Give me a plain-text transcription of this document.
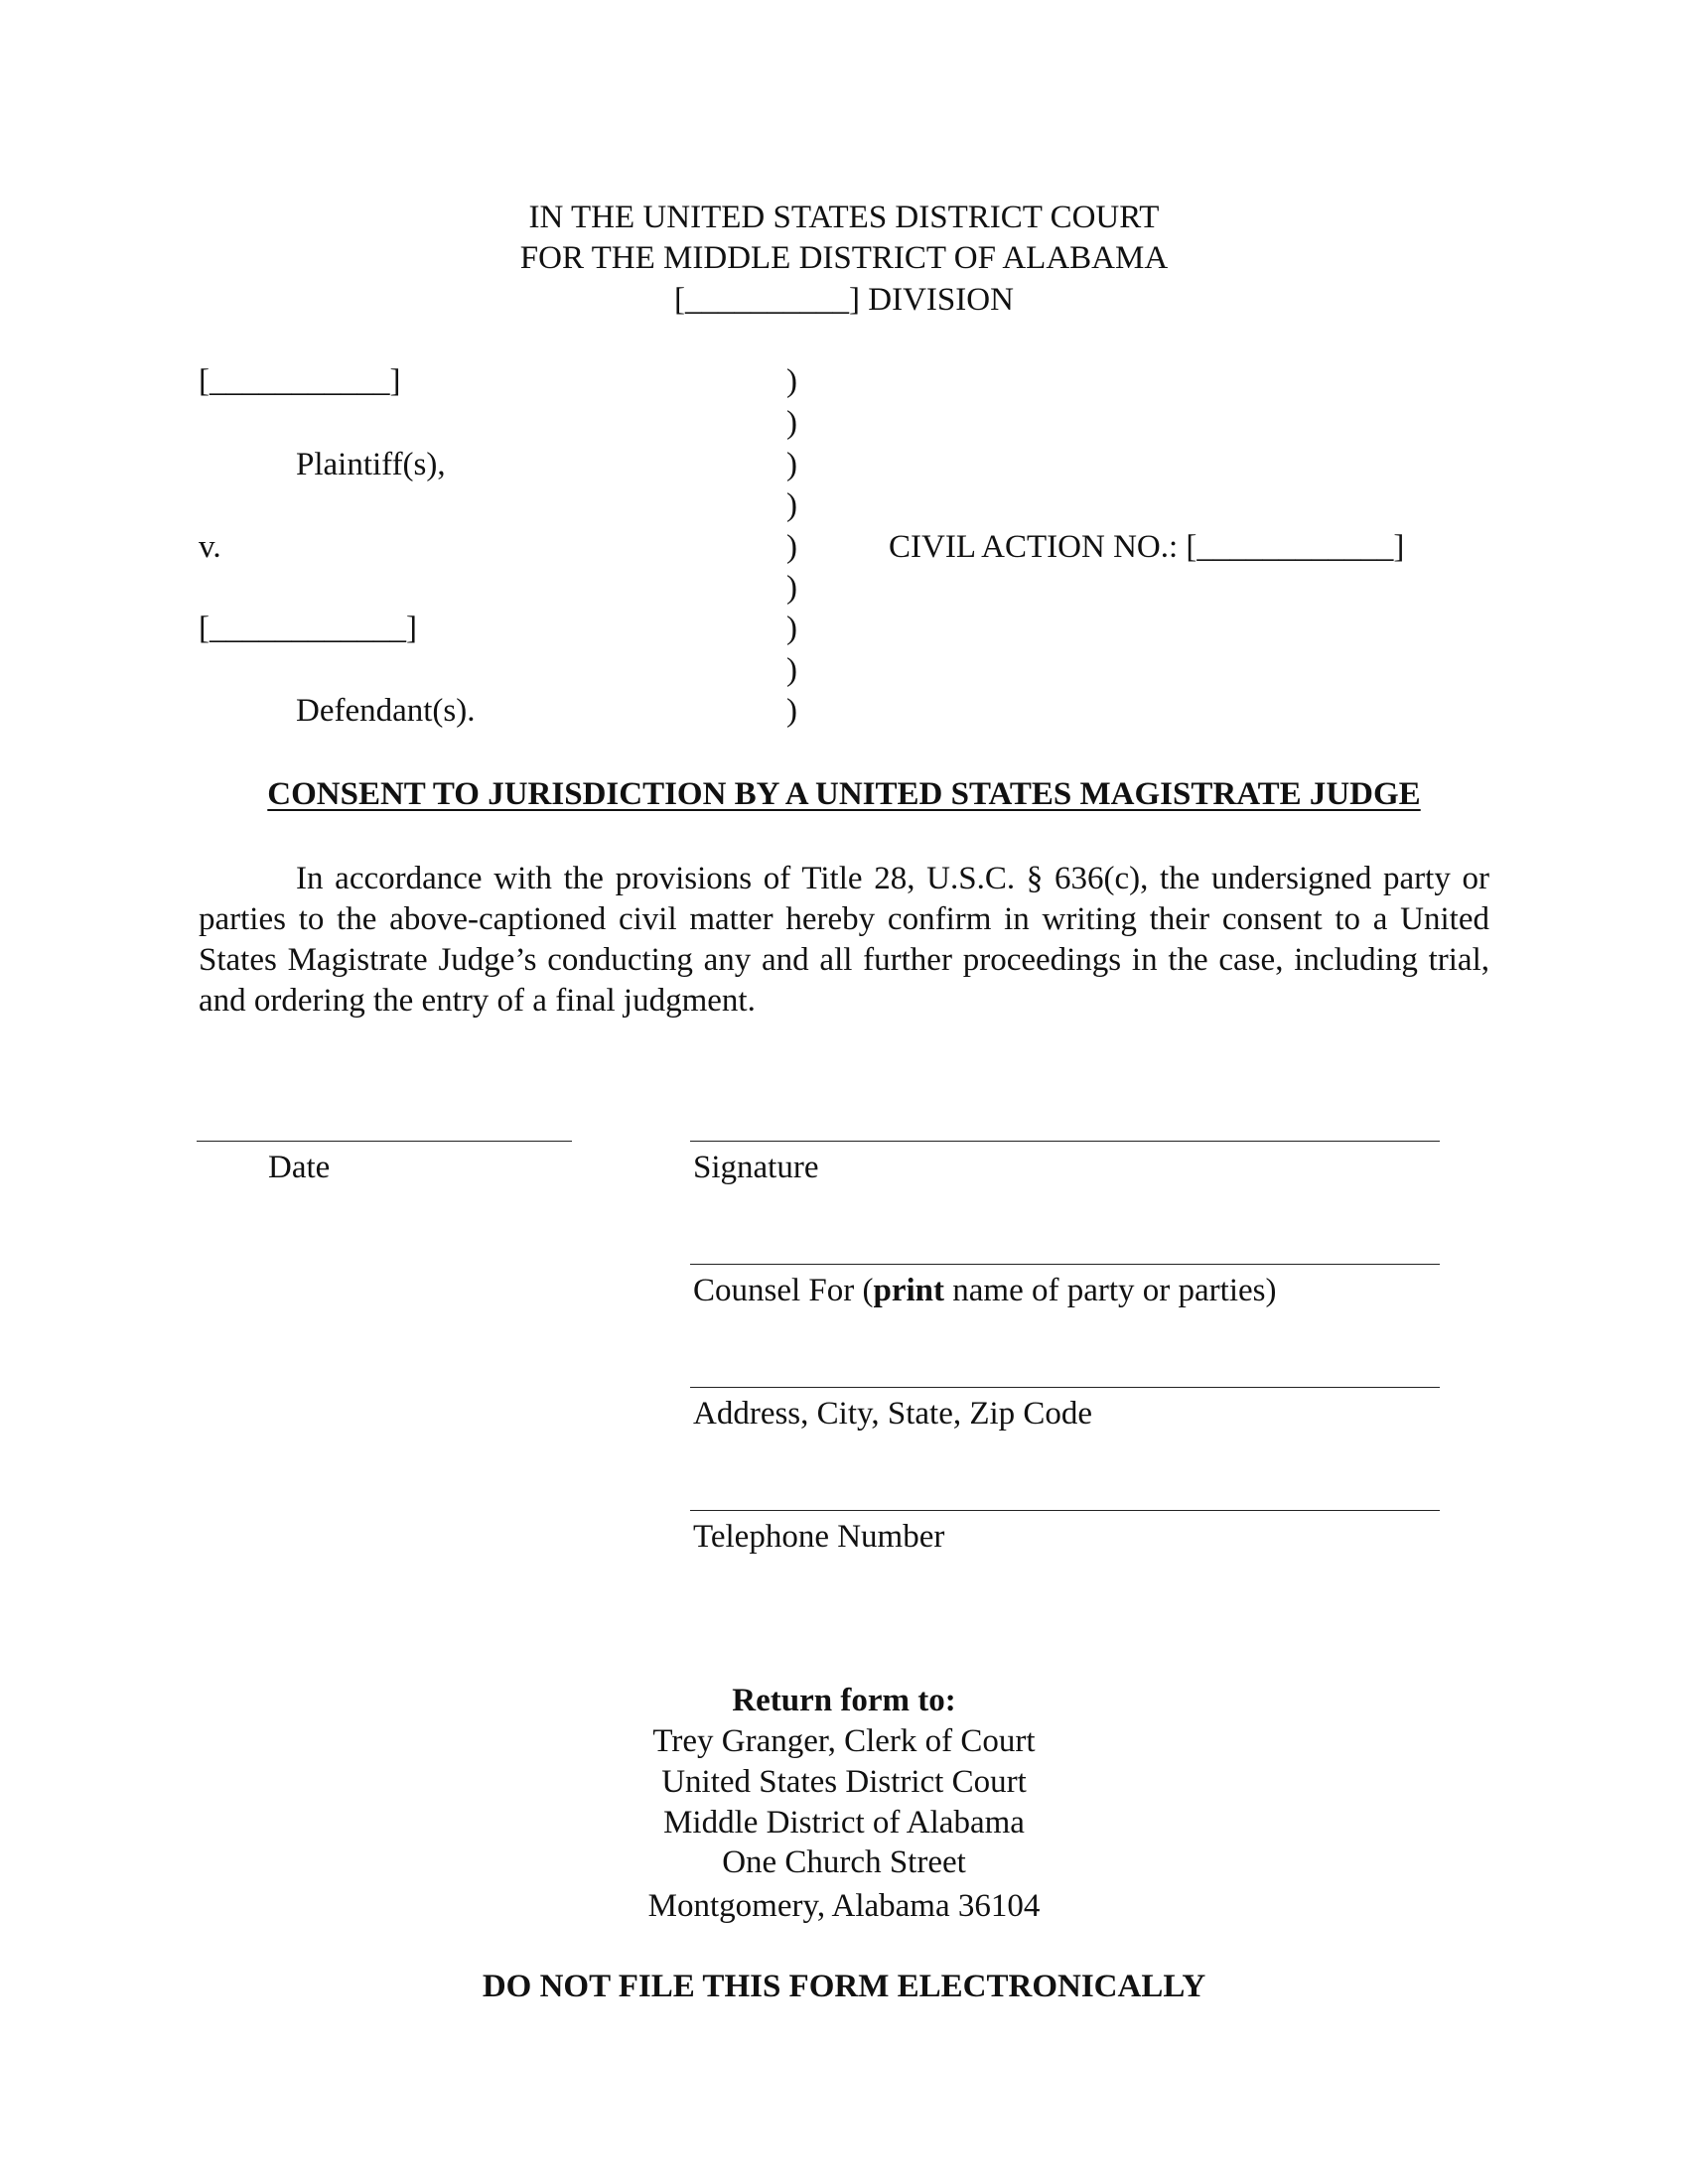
IN THE UNITED STATES DISTRICT COURT
FOR THE MIDDLE DISTRICT OF ALABAMA
[__________] DIVISION
[___________]
Plaintiff(s),
v.
[____________]
Defendant(s).
)
)
)
)
)
)
)
)
)
CIVIL ACTION NO.: [____________]
CONSENT TO JURISDICTION BY A UNITED STATES MAGISTRATE JUDGE

In accordance with the provisions of Title 28, U.S.C. § 636(c), the undersigned party or parties to the above-captioned civil matter hereby confirm in writing their consent to a United States Magistrate Judge’s conducting any and all further proceedings in the case, including trial, and ordering the entry of a final judgment.

Date	Signature
Counsel For (print name of party or parties)
Address, City, State, Zip Code
Telephone Number
Return form to:
Trey Granger, Clerk of Court
United States District Court
Middle District of Alabama
One Church Street
Montgomery, Alabama 36104
DO NOT FILE THIS FORM ELECTRONICALLY
